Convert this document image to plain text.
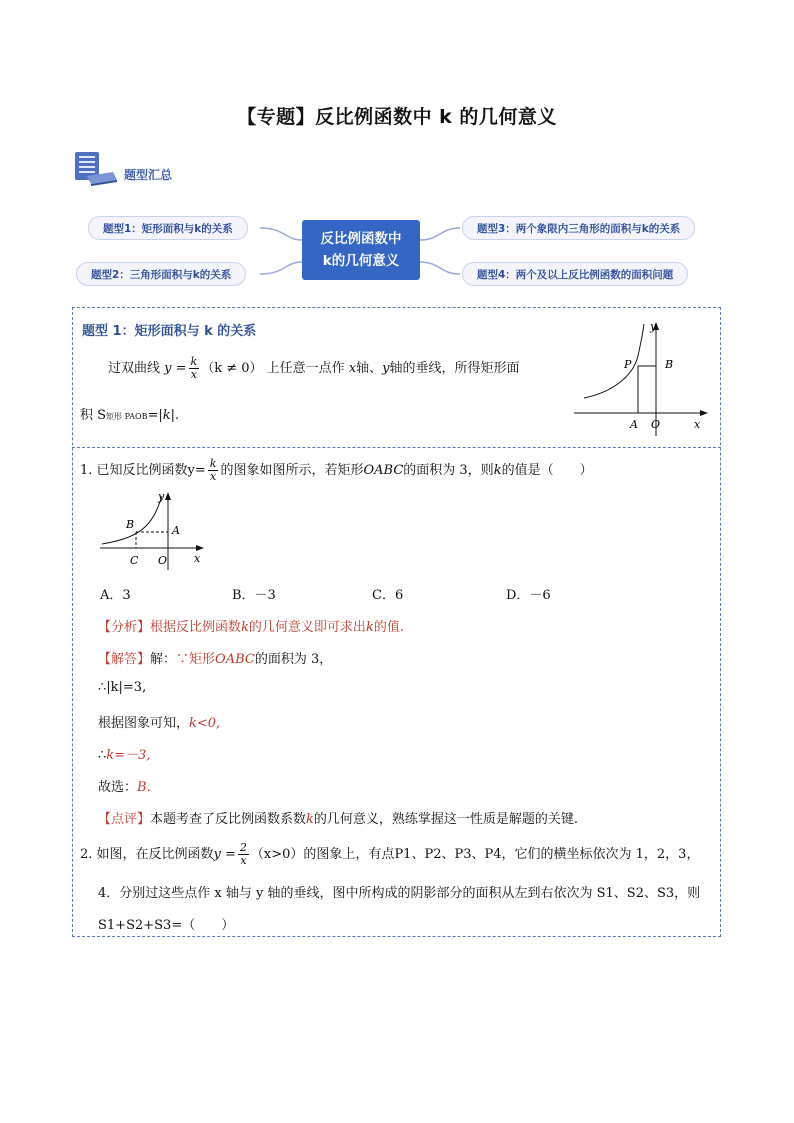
【专题】反比例函数中 k 的几何意义
题型汇总
题型1：矩形面积与k的关系
题型2：三角形面积与k的关系
题型3：两个象限内三角形的面积与k的关系
题型4：两个及以上反比例函数的面积问题
反比例函数中
k的几何意义
题型 1：矩形面积与 k 的关系
过双曲线 $y = \frac{k}{x} (k \ne 0)$ 上任意一点作 x轴、y轴的垂线，所得矩形面
积 S矩形 PAOB=|k|.
y
P	B
A O	x
1. 已知反比例函数$y= \frac{k}{x}$ 的图象如图所示，若矩形OABC的面积为 3，则k的值是（　　）
y
B	A
C O x
A．3	B．－3	C．6	D．－6
【分析】根据反比例函数k的几何意义即可求出k的值.
【解答】解：∵矩形OABC的面积为 3，
∴|k|=3,
根据图象可知，k<0,
∴k=－3,
故选：B.
【点评】本题考查了反比例函数系数k的几何意义，熟练掌握这一性质是解题的关键.
2. 如图，在反比例函数$y = \frac{2}{x} (x>0)$的图象上，有点P1、P2、P3、P4，它们的横坐标依次为 1，2，3，
4．分别过这些点作 x 轴与 y 轴的垂线，图中所构成的阴影部分的面积从左到右依次为 S1、S2、S3，则
S1+S2+S3=（　　）
